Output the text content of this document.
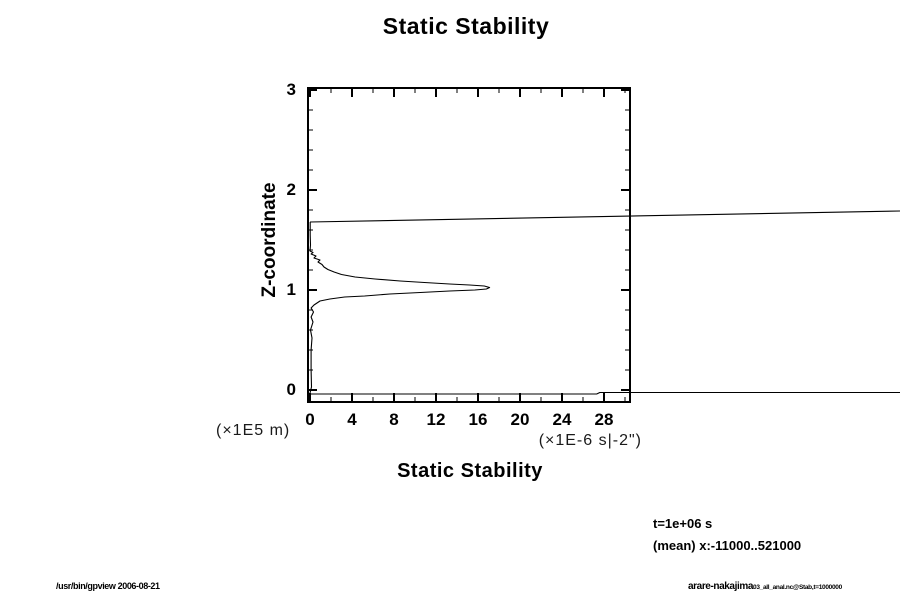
Static Stability
Z-coordinate
(×1E5 m)
(×1E-6 s|-2")
Static Stability
0
1
2
3
0	4	8	12	16	20	24	28
t=1e+06 s
(mean) x:-11000..521000
/usr/bin/gpview 2006-08-21	arare-nakajima03_all_anal.nc@Stab,t=1000000
